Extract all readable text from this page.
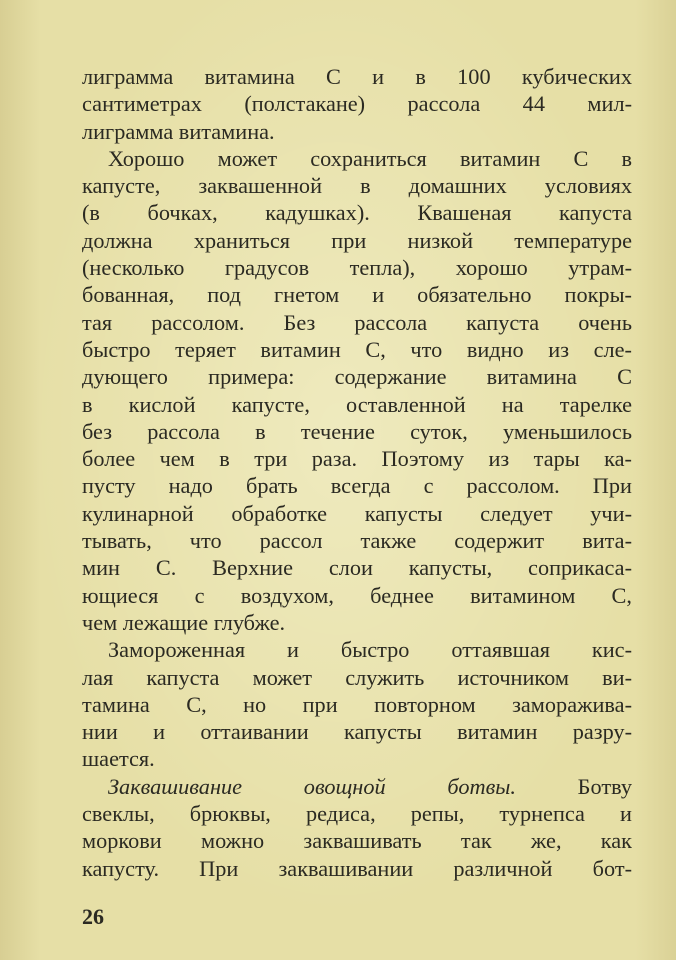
лиграмма витамина С и в 100 кубических
сантиметрах (полстакане) рассола 44 мил-
лиграмма витамина.
Хорошо может сохраниться витамин С в
капусте, заквашенной в домашних условиях
(в бочках, кадушках). Квашеная капуста
должна храниться при низкой температуре
(несколько градусов тепла), хорошо утрам-
бованная, под гнетом и обязательно покры-
тая рассолом. Без рассола капуста очень
быстро теряет витамин С, что видно из сле-
дующего примера: содержание витамина С
в кислой капусте, оставленной на тарелке
без рассола в течение суток, уменьшилось
более чем в три раза. Поэтому из тары ка-
пусту надо брать всегда с рассолом. При
кулинарной обработке капусты следует учи-
тывать, что рассол также содержит вита-
мин С. Верхние слои капусты, соприкаса-
ющиеся с воздухом, беднее витамином С,
чем лежащие глубже.
Замороженная и быстро оттаявшая кис-
лая капуста может служить источником ви-
тамина С, но при повторном заморажива-
нии и оттаивании капусты витамин разру-
шается.
Заквашивание овощной ботвы.	Ботву
свеклы, брюквы, редиса, репы, турнепса и
моркови можно заквашивать так же, как
капусту. При заквашивании различной бот-
26
